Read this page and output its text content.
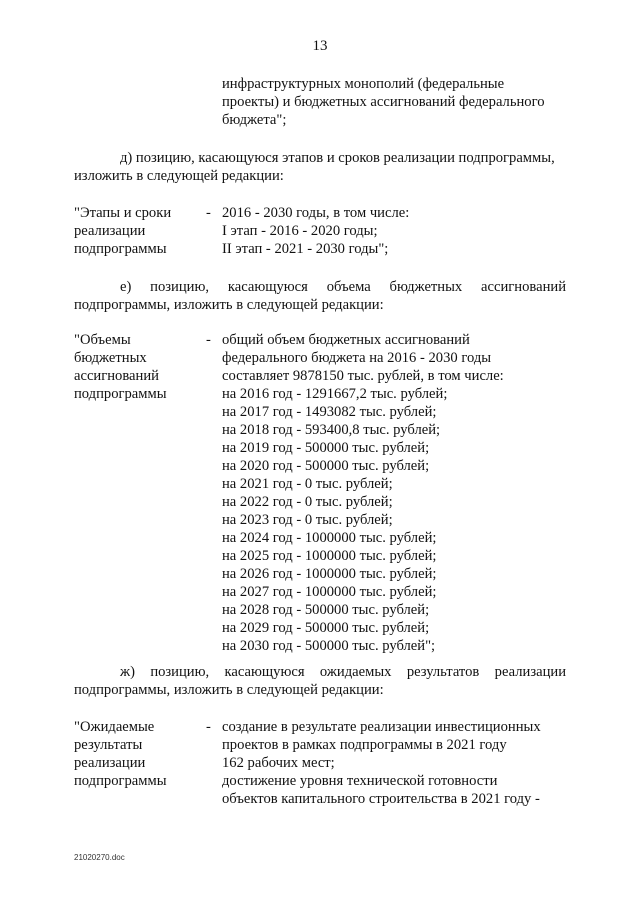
13
инфраструктурных монополий (федеральные
проекты) и бюджетных ассигнований федерального
бюджета";
д) позицию, касающуюся этапов и сроков реализации подпрограммы,
изложить в следующей редакции:
"Этапы и сроки
реализации
подпрограммы
- 2016 - 2030 годы, в том числе:
I этап - 2016 - 2020 годы;
II этап - 2021 - 2030 годы";
е) позицию, касающуюся объема бюджетных ассигнований
подпрограммы, изложить в следующей редакции:
"Объемы
бюджетных
ассигнований
подпрограммы
- общий объем бюджетных ассигнований
федерального бюджета на 2016 - 2030 годы
составляет 9878150 тыс. рублей, в том числе:
на 2016 год - 1291667,2 тыс. рублей;
на 2017 год - 1493082 тыс. рублей;
на 2018 год - 593400,8 тыс. рублей;
на 2019 год - 500000 тыс. рублей;
на 2020 год - 500000 тыс. рублей;
на 2021 год - 0 тыс. рублей;
на 2022 год - 0 тыс. рублей;
на 2023 год - 0 тыс. рублей;
на 2024 год - 1000000 тыс. рублей;
на 2025 год - 1000000 тыс. рублей;
на 2026 год - 1000000 тыс. рублей;
на 2027 год - 1000000 тыс. рублей;
на 2028 год - 500000 тыс. рублей;
на 2029 год - 500000 тыс. рублей;
на 2030 год - 500000 тыс. рублей";
ж) позицию, касающуюся ожидаемых результатов реализации
подпрограммы, изложить в следующей редакции:
"Ожидаемые
результаты
реализации
подпрограммы
- создание в результате реализации инвестиционных
проектов в рамках подпрограммы в 2021 году
162 рабочих мест;
достижение уровня технической готовности
объектов капитального строительства в 2021 году -
21020270.doc
